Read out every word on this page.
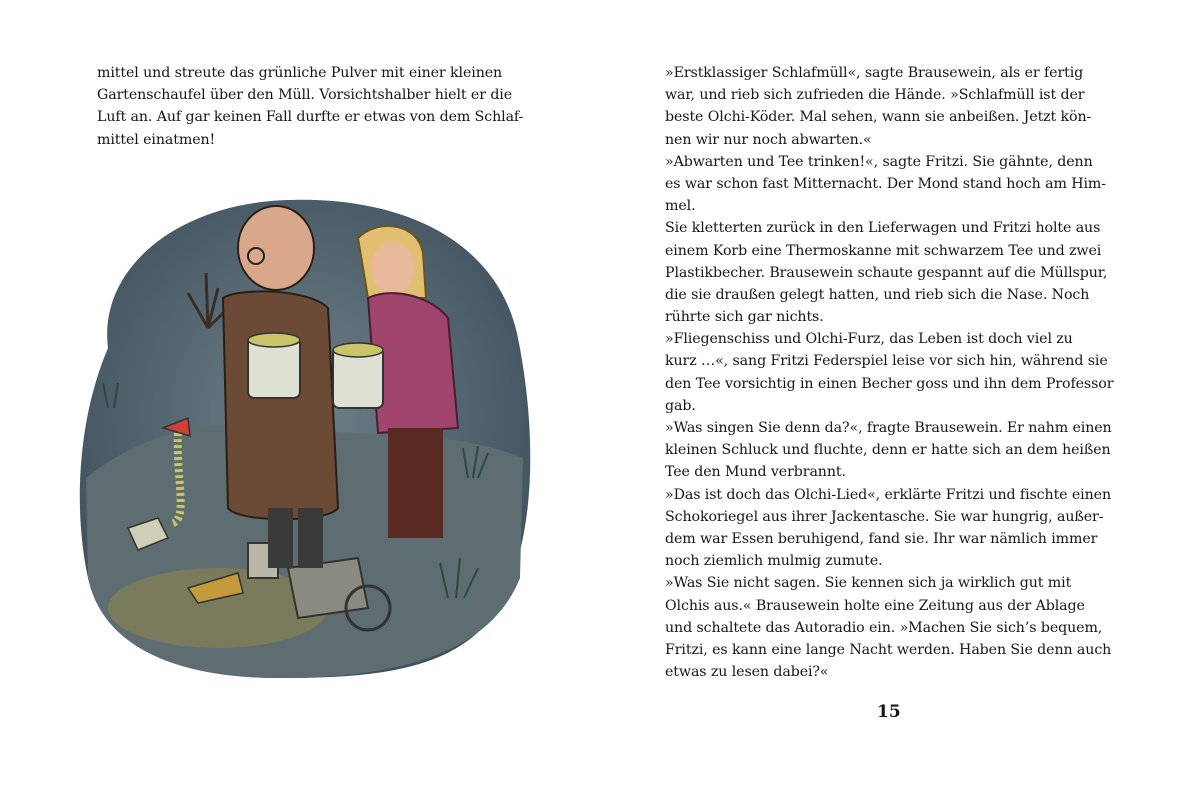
mittel und streute das grünliche Pulver mit einer kleinen
Gartenschaufel über den Müll. Vorsichtshalber hielt er die
Luft an. Auf gar keinen Fall durfte er etwas von dem Schlaf-
mittel einatmen!
»Erstklassiger Schlafmüll«, sagte Brausewein, als er fertig
war, und rieb sich zufrieden die Hände. »Schlafmüll ist der
beste Olchi-Köder. Mal sehen, wann sie anbeißen. Jetzt kön-
nen wir nur noch abwarten.«
»Abwarten und Tee trinken!«, sagte Fritzi. Sie gähnte, denn
es war schon fast Mitternacht. Der Mond stand hoch am Him-
mel.
Sie kletterten zurück in den Lieferwagen und Fritzi holte aus
einem Korb eine Thermoskanne mit schwarzem Tee und zwei
Plastikbecher. Brausewein schaute gespannt auf die Müllspur,
die sie draußen gelegt hatten, und rieb sich die Nase. Noch
rührte sich gar nichts.
»Fliegenschiss und Olchi-Furz, das Leben ist doch viel zu
kurz …«, sang Fritzi Federspiel leise vor sich hin, während sie
den Tee vorsichtig in einen Becher goss und ihn dem Professor
gab.
»Was singen Sie denn da?«, fragte Brausewein. Er nahm einen
kleinen Schluck und fluchte, denn er hatte sich an dem heißen
Tee den Mund verbrannt.
»Das ist doch das Olchi-Lied«, erklärte Fritzi und fischte einen
Schokoriegel aus ihrer Jackentasche. Sie war hungrig, außer-
dem war Essen beruhigend, fand sie. Ihr war nämlich immer
noch ziemlich mulmig zumute.
»Was Sie nicht sagen. Sie kennen sich ja wirklich gut mit
Olchis aus.« Brausewein holte eine Zeitung aus der Ablage
und schaltete das Autoradio ein. »Machen Sie sich’s bequem,
Fritzi, es kann eine lange Nacht werden. Haben Sie denn auch
etwas zu lesen dabei?«
15
